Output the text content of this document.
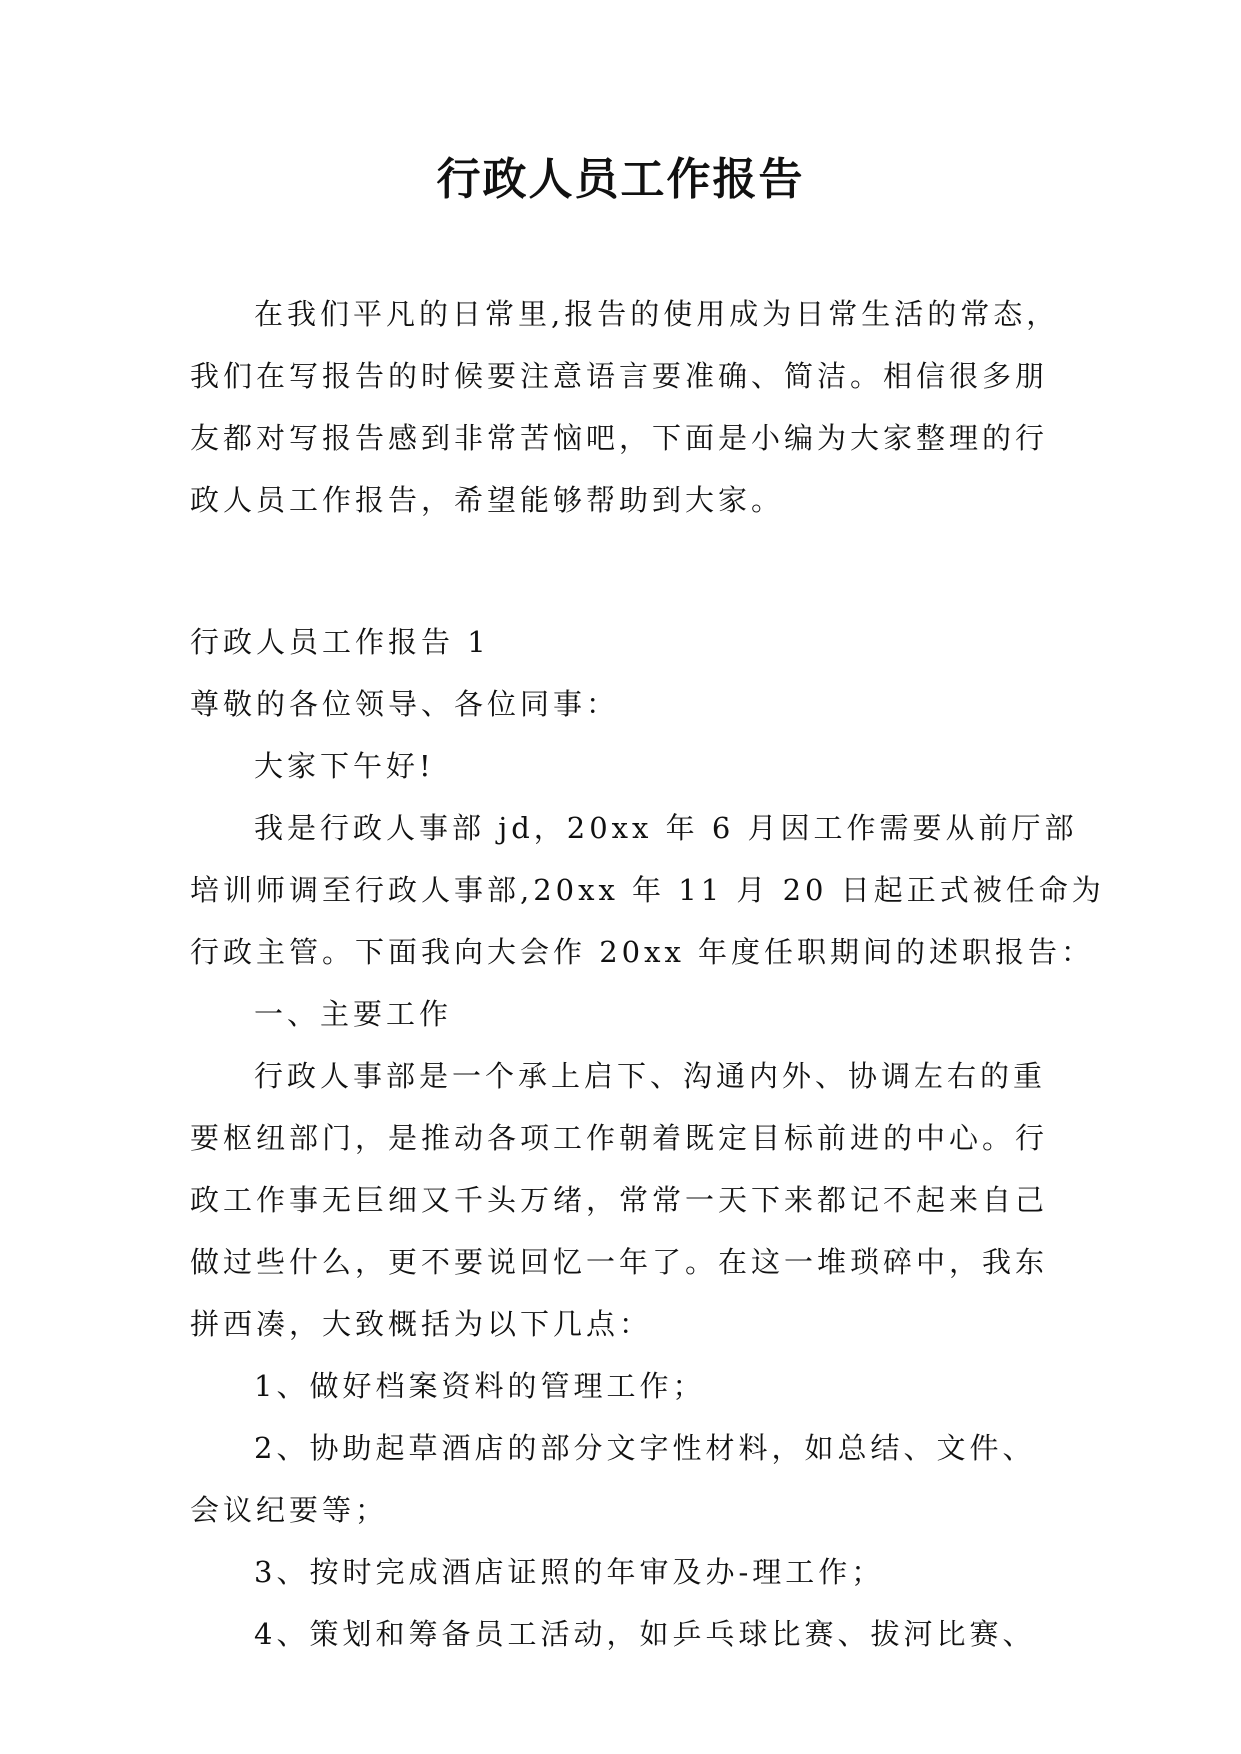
行政人员工作报告
在我们平凡的日常里,报告的使用成为日常生活的常态，
我们在写报告的时候要注意语言要准确、简洁。相信很多朋
友都对写报告感到非常苦恼吧，下面是小编为大家整理的行
政人员工作报告，希望能够帮助到大家。
行政人员工作报告 1
尊敬的各位领导、各位同事：
大家下午好!
我是行政人事部 jd，20xx 年 6 月因工作需要从前厅部
培训师调至行政人事部,20xx 年 11 月 20 日起正式被任命为
行政主管。下面我向大会作 20xx 年度任职期间的述职报告：
一、主要工作
行政人事部是一个承上启下、沟通内外、协调左右的重
要枢纽部门，是推动各项工作朝着既定目标前进的中心。行
政工作事无巨细又千头万绪，常常一天下来都记不起来自己
做过些什么，更不要说回忆一年了。在这一堆琐碎中，我东
拼西凑，大致概括为以下几点：
1、做好档案资料的管理工作；
2、协助起草酒店的部分文字性材料，如总结、文件、
会议纪要等；
3、按时完成酒店证照的年审及办-理工作；
4、策划和筹备员工活动，如乒乓球比赛、拔河比赛、
